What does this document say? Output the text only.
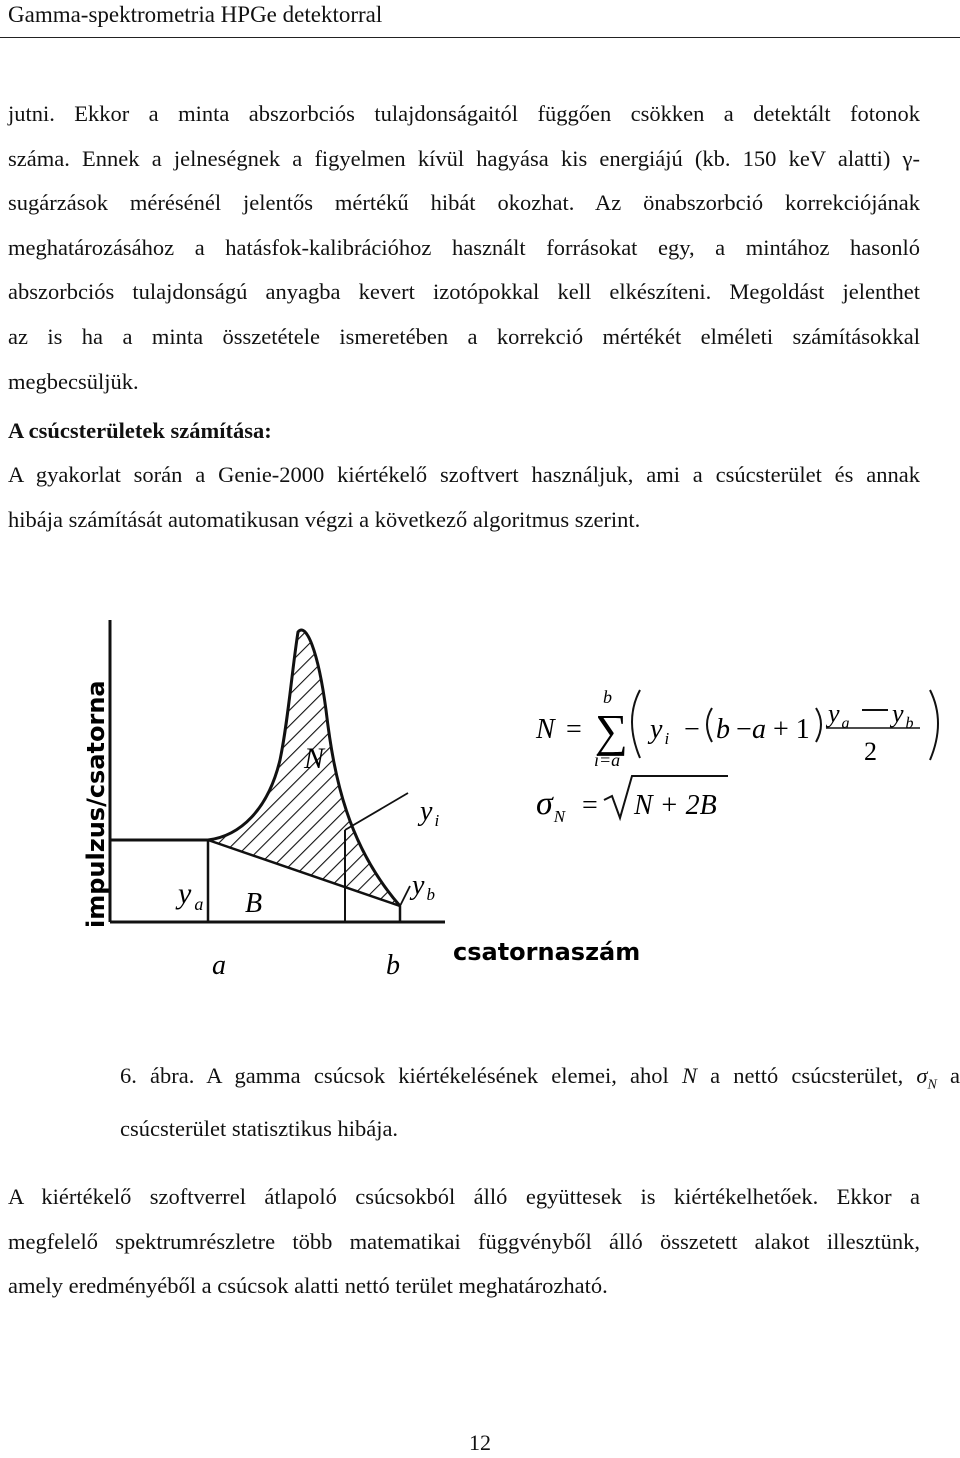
Gamma-spektrometria HPGe detektorral
jutni. Ekkor a minta abszorbciós tulajdonságaitól függően csökken a detektált fotonok
száma. Ennek a jelneségnek a figyelmen kívül hagyása kis energiájú (kb. 150 keV alatti) γ-
sugárzások mérésénél jelentős mértékű hibát okozhat. Az önabszorbció korrekciójának
meghatározásához a hatásfok-kalibrációhoz használt forrásokat egy, a mintához hasonló
abszorbciós tulajdonságú anyagba kevert izotópokkal kell elkészíteni. Megoldást jelenthet
az is ha a minta összetétele ismeretében a korrekció mértékét elméleti számításokkal
megbecsüljük.
A csúcsterületek számítása:
A gyakorlat során a Genie-2000 kiértékelő szoftvert használjuk, ami a csúcsterület és annak
hibája számítását automatikusan végzi a következő algoritmus szerint.
impulzus/csatorna
csatornaszám
N
y $_i$
y $_b$
y $_a$ B
a	b
N =
b
i=a
∑ y $_i$ − b − a + 1
y $_a$ y $_b$
2
$\sigma_N = N + 2B$
6. ábra. A gamma csúcsok kiértékelésének elemei, ahol N a nettó csúcsterület, $\sigma_N$ a
csúcsterület statisztikus hibája.
A kiértékelő szoftverrel átlapoló csúcsokból álló együttesek is kiértékelhetőek. Ekkor a
megfelelő spektrumrészletre több matematikai függvényből álló összetett alakot illesztünk,
amely eredményéből a csúcsok alatti nettó terület meghatározható.
12
